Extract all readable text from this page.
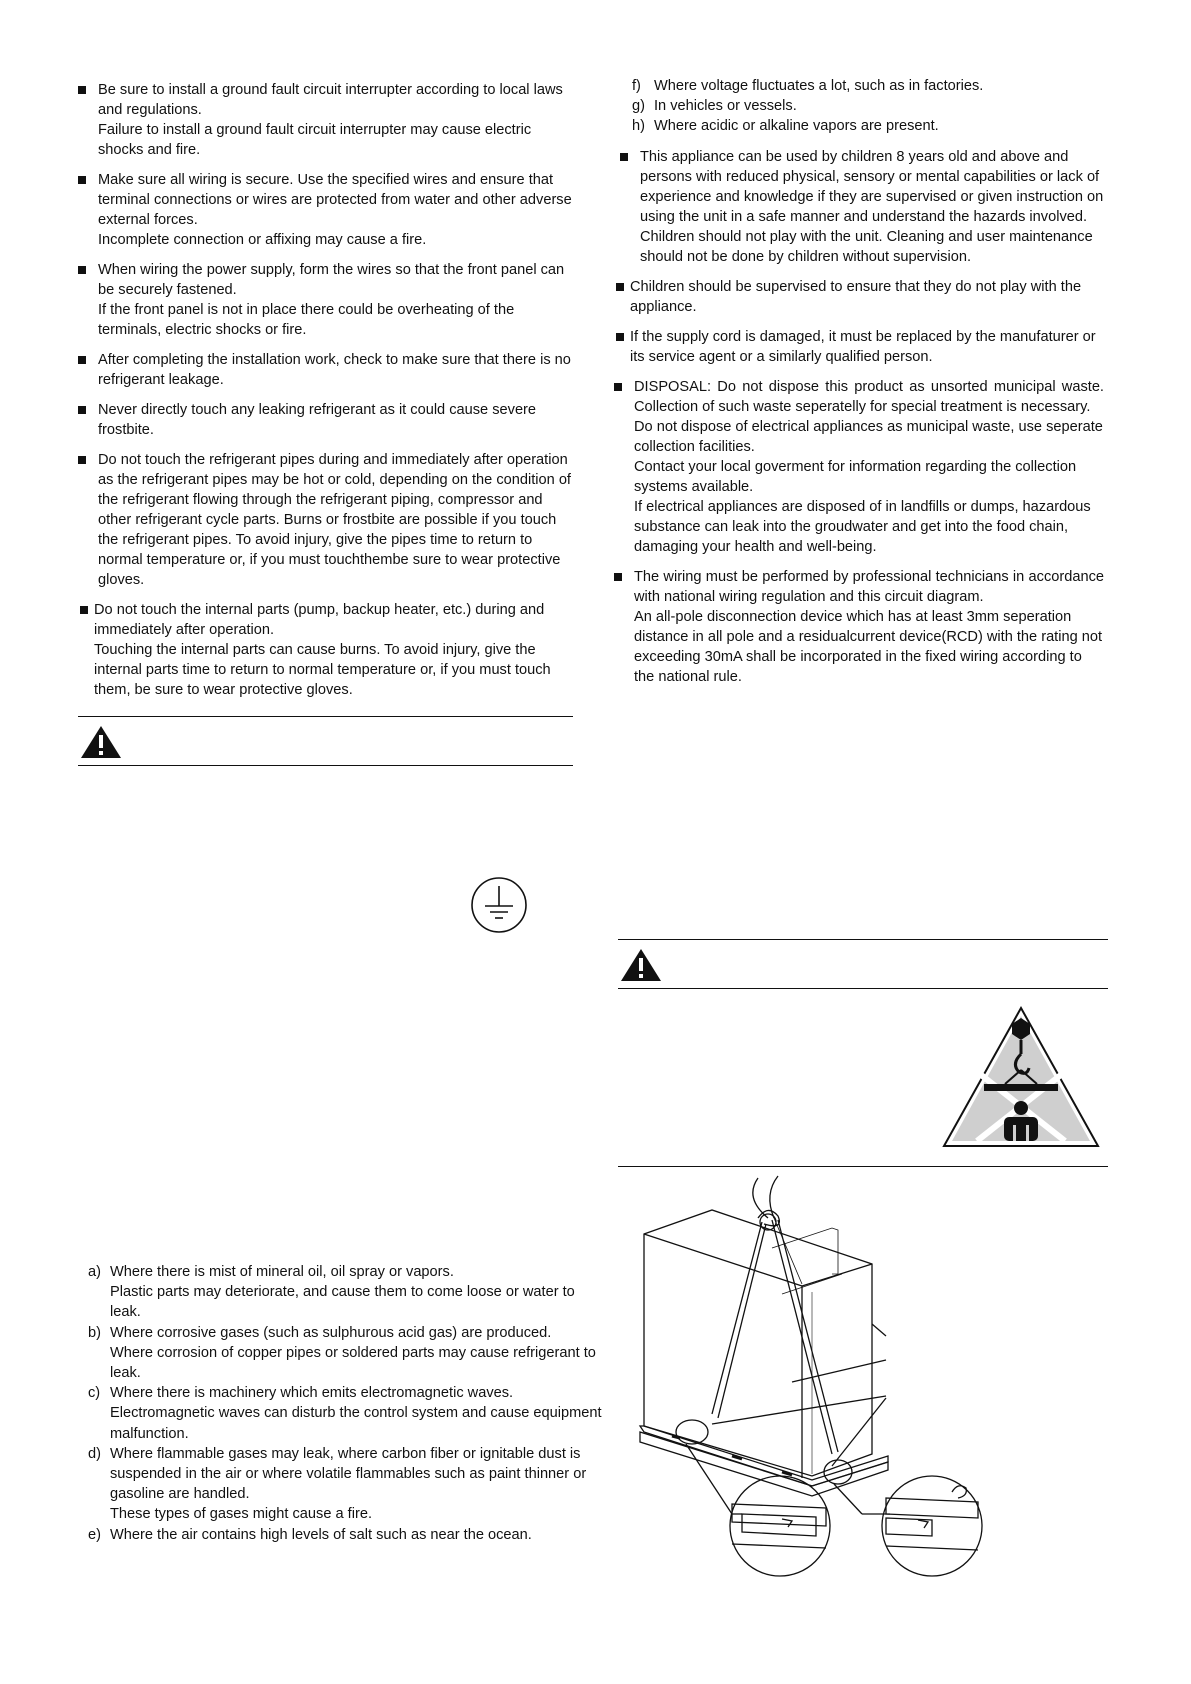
Be sure to install a ground fault circuit interrupter according to local laws and regulations.

Failure to install a ground fault circuit interrupter may cause electric shocks and fire.

Make sure all wiring is secure. Use the specified wires and ensure that terminal connections or wires are protected from water and other adverse external forces.

Incomplete connection or affixing may cause a fire.

When wiring the power supply, form the wires so that the front panel can be securely fastened.

If the front panel is not in place there could be overheating of the terminals, electric shocks or fire.

After completing the installation work, check to make sure that there is no refrigerant leakage.

Never directly touch any leaking refrigerant as it could cause severe frostbite.

Do not touch the refrigerant pipes during and immediately after operation as the refrigerant pipes may be hot or cold, depending on the condition of the refrigerant flowing through the refrigerant piping, compressor and other refrigerant cycle parts. Burns or frostbite are possible if you touch the refrigerant pipes. To avoid injury, give the pipes time to return to normal temperature or, if you must touchthembe sure to wear protective gloves.

Do not touch the internal parts (pump, backup heater, etc.) during and immediately after operation.

Touching the internal parts can cause burns. To avoid injury, give the internal parts time to return to normal temperature or, if you must touch them, be sure to wear protective gloves.

a) Where there is mist of mineral oil, oil spray or vapors.

Plastic parts may deteriorate, and cause them to come loose or water to leak.

b) Where corrosive gases (such as sulphurous acid gas) are produced.

Where corrosion of copper pipes or soldered parts may cause refrigerant to leak.

c) Where there is machinery which emits electromagnetic waves.

Electromagnetic waves can disturb the control system and cause equipment malfunction.

d) Where flammable gases may leak, where carbon fiber or ignitable dust is suspended in the air or where volatile flammables such as paint thinner or gasoline are handled.

These types of gases might cause a fire.

e) Where the air contains high levels of salt such as near the ocean.

f) Where voltage fluctuates a lot, such as in factories.

g) In vehicles or vessels.

h) Where acidic or alkaline vapors are present.

This appliance can be used by children 8 years old and above and persons with reduced physical, sensory or mental capabilities or lack of experience and knowledge if they are supervised or given instruction on using the unit in a safe manner and understand the hazards involved. Children should not play with the unit. Cleaning and user maintenance should not be done by children without supervision.

Children should be supervised to ensure that they do not play with the appliance.

If the supply cord is damaged, it must be replaced by the manufaturer or its service agent or a similarly qualified person.

DISPOSAL: Do not dispose this product as unsorted municipal waste. Collection of such waste seperatelly for special treatment is necessary.

Do not dispose of electrical appliances as municipal waste, use seperate collection facilities.

Contact your local goverment for information regarding the collection systems available.

If electrical appliances are disposed of in landfills or dumps, hazardous substance can leak into the groudwater and get into the food chain, damaging your health and well-being.

The wiring must be performed by professional technicians in accordance with national wiring regulation and this circuit diagram.

An all-pole disconnection device which has at least 3mm seperation distance in all pole and a residualcurrent device(RCD) with the rating not exceeding 30mA shall be incorporated in the fixed wiring according to the national rule.
